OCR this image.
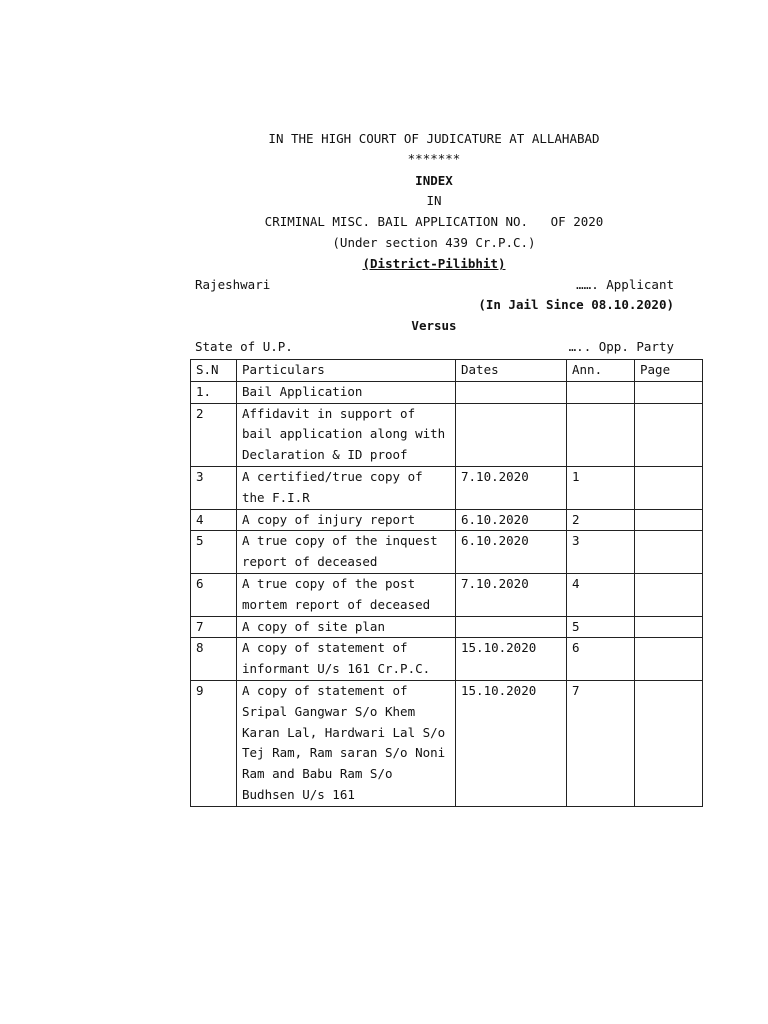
IN THE HIGH COURT OF JUDICATURE AT ALLAHABAD
*******
INDEX
IN
CRIMINAL MISC. BAIL APPLICATION NO.   OF 2020
(Under section 439 Cr.P.C.)
(District-Pilibhit)
Rajeshwari	……. Applicant
(In Jail Since 08.10.2020)
Versus
State of U.P.	….. Opp. Party
S.N	Particulars	Dates	Ann.	Page
1.	Bail Application			
2	Affidavit in support of bail application along with Declaration & ID proof			
3	A certified/true copy of the F.I.R	7.10.2020	1	
4	A copy of injury report	6.10.2020	2	
5	A true copy of the inquest report of deceased	6.10.2020	3	
6	A true copy of the post mortem report of deceased	7.10.2020	4	
7	A copy of site plan		5	
8	A copy of statement of informant U/s 161 Cr.P.C.	15.10.2020	6	
9	A copy of statement of Sripal Gangwar S/o Khem Karan Lal, Hardwari Lal S/o Tej Ram, Ram saran S/o Noni Ram and Babu Ram S/o Budhsen U/s 161	15.10.2020	7	
